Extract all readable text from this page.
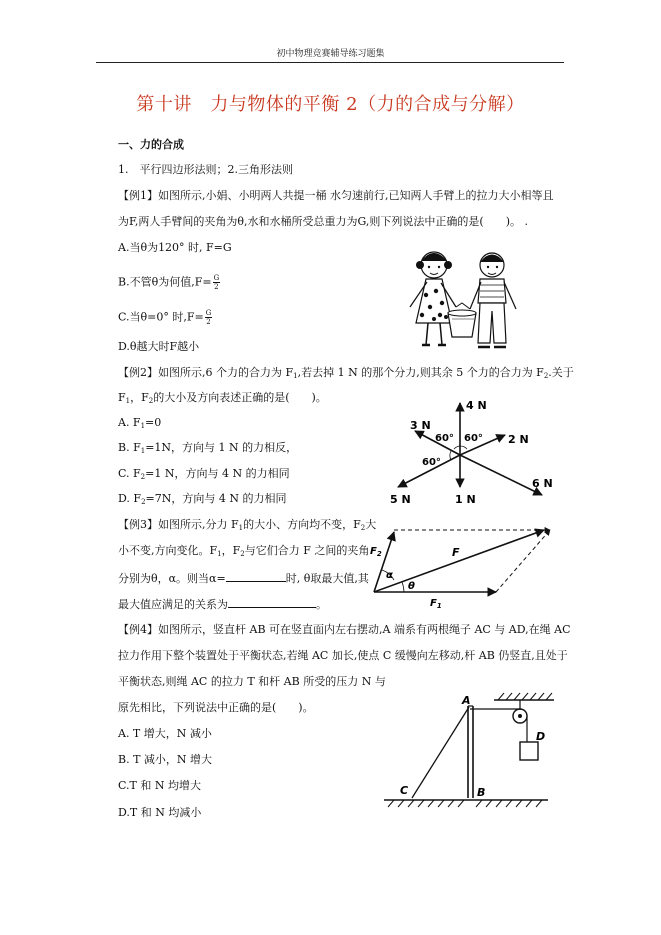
初中物理竞赛辅导练习题集
第十讲　力与物体的平衡 2（力的合成与分解）
一、力的合成
1.　平行四边形法则；2.三角形法则
【例1】如图所示,小娟、小明两人共提一桶 水匀速前行,已知两人手臂上的拉力大小相等且
为F,两人手臂间的夹角为θ,水和水桶所受总重力为G,则下列说法中正确的是(　　)。 .
A.当θ为120° 时, F=G
B.不管θ为何值$,F= \frac{G}{2}$
C.当θ=0° 时$,F= \frac{G}{2}$
D.θ越大时F越小
【例2】如图所示,6 个力的合力为 $F_1$,若去掉 1 N 的那个分力,则其余 5 个力的合力为 $F_2$.关于
$F_1$，$F_2$的大小及方向表述正确的是(　　)。
A. $F_1=0$
B. $F_1=1N$，方向与 1 N 的力相反，
C. $F_2=1$ N，方向与 4 N 的力相同
D. $F_2=7N$，方向与 4 N 的力相同
4 N
3 N
2 N
6 N
5 N	1 N
60° 60°
60°
【例3】如图所示,分力 $F_1$的大小、方向均不变，$F_2$大
小不变,方向变化。$F_1$，$F_2$与它们合力 F 之间的夹角
分别为θ，α。则当α=	时, θ取最大值,其
最大值应满足的关系为	。
$F_2$	F
$F_1$
α
θ
【例4】如图所示，竖直杆 AB 可在竖直面内左右摆动,A 端系有两根绳子 AC 与 AD,在绳 AC
拉力作用下整个装置处于平衡状态,若绳 AC 加长,使点 C 缓慢向左移动,杆 AB 仍竖直,且处于
平衡状态,则绳 AC 的拉力 T 和杆 AB 所受的压力 N 与
原先相比，下列说法中正确的是(　　)。
A. T 增大，N 减小
B. T 减小，N 增大
C.T 和 N 均增大
D.T 和 N 均减小
A
B
C
D
